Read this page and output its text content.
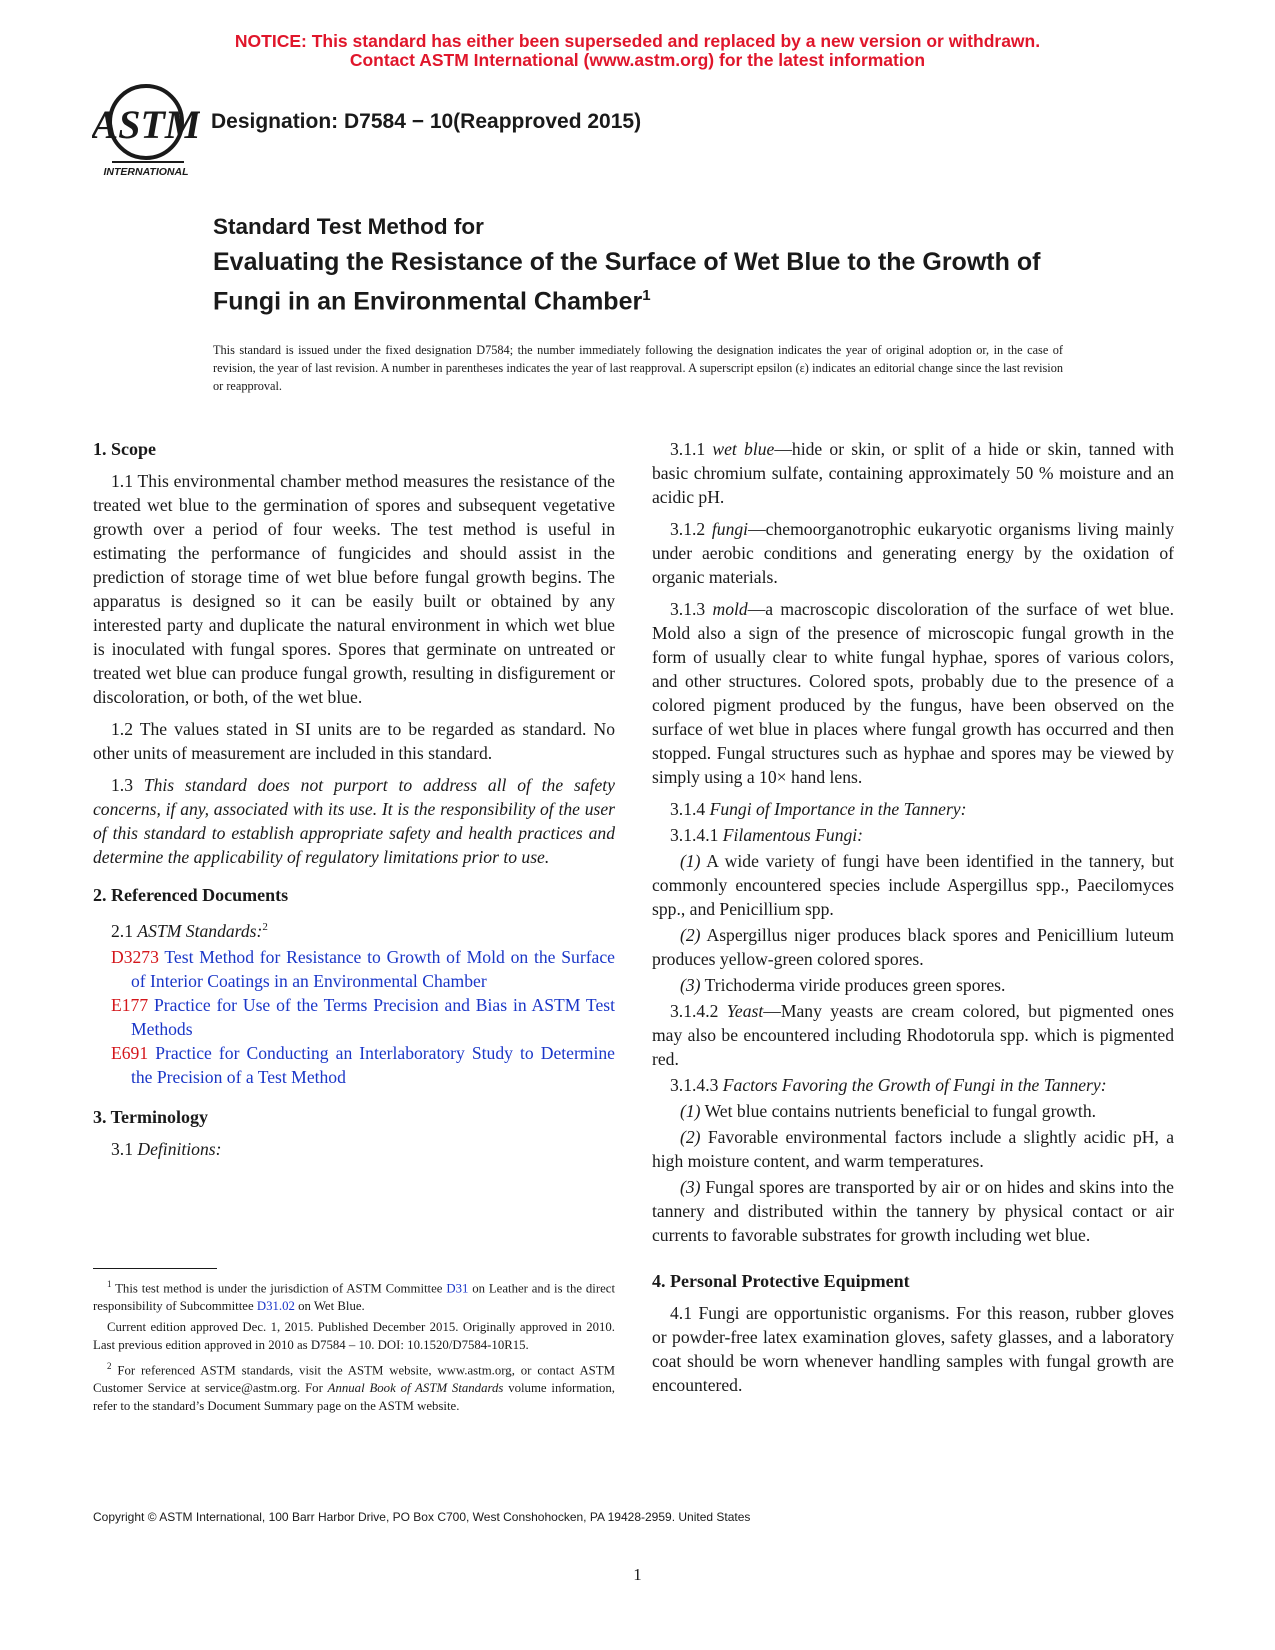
NOTICE: This standard has either been superseded and replaced by a new version or withdrawn.
Contact ASTM International (www.astm.org) for the latest information
ASTM
INTERNATIONAL
Designation: D7584 − 10(Reapproved 2015)
Standard Test Method for
Evaluating the Resistance of the Surface of Wet Blue to the Growth of Fungi in an Environmental Chamber$^1$
This standard is issued under the fixed designation D7584; the number immediately following the designation indicates the year of original adoption or, in the case of revision, the year of last revision. A number in parentheses indicates the year of last reapproval. A superscript epsilon (ε) indicates an editorial change since the last revision or reapproval.
1. Scope

1.1 This environmental chamber method measures the resistance of the treated wet blue to the germination of spores and subsequent vegetative growth over a period of four weeks. The test method is useful in estimating the performance of fungicides and should assist in the prediction of storage time of wet blue before fungal growth begins. The apparatus is designed so it can be easily built or obtained by any interested party and duplicate the natural environment in which wet blue is inoculated with fungal spores. Spores that germinate on untreated or treated wet blue can produce fungal growth, resulting in disfigurement or discoloration, or both, of the wet blue.

1.2 The values stated in SI units are to be regarded as standard. No other units of measurement are included in this standard.

1.3 This standard does not purport to address all of the safety concerns, if any, associated with its use. It is the responsibility of the user of this standard to establish appropriate safety and health practices and determine the applicability of regulatory limitations prior to use.

2. Referenced Documents

2.1 ASTM Standards:$^2$

D3273 Test Method for Resistance to Growth of Mold on the Surface of Interior Coatings in an Environmental Chamber

E177 Practice for Use of the Terms Precision and Bias in ASTM Test Methods

E691 Practice for Conducting an Interlaboratory Study to Determine the Precision of a Test Method

3. Terminology

3.1 Definitions:

$^1$ This test method is under the jurisdiction of ASTM Committee D31 on Leather and is the direct responsibility of Subcommittee D31.02 on Wet Blue.

Current edition approved Dec. 1, 2015. Published December 2015. Originally approved in 2010. Last previous edition approved in 2010 as D7584 – 10. DOI: 10.1520/D7584-10R15.

$^2$ For referenced ASTM standards, visit the ASTM website, www.astm.org, or contact ASTM Customer Service at service@astm.org. For Annual Book of ASTM Standards volume information, refer to the standard’s Document Summary page on the ASTM website.

3.1.1 wet blue—hide or skin, or split of a hide or skin, tanned with basic chromium sulfate, containing approximately 50 % moisture and an acidic pH.

3.1.2 fungi—chemoorganotrophic eukaryotic organisms living mainly under aerobic conditions and generating energy by the oxidation of organic materials.

3.1.3 mold—a macroscopic discoloration of the surface of wet blue. Mold also a sign of the presence of microscopic fungal growth in the form of usually clear to white fungal hyphae, spores of various colors, and other structures. Colored spots, probably due to the presence of a colored pigment produced by the fungus, have been observed on the surface of wet blue in places where fungal growth has occurred and then stopped. Fungal structures such as hyphae and spores may be viewed by simply using a 10× hand lens.

3.1.4 Fungi of Importance in the Tannery:

3.1.4.1 Filamentous Fungi:

(1) A wide variety of fungi have been identified in the tannery, but commonly encountered species include Aspergillus spp., Paecilomyces spp., and Penicillium spp.

(2) Aspergillus niger produces black spores and Penicillium luteum produces yellow-green colored spores.

(3) Trichoderma viride produces green spores.

3.1.4.2 Yeast—Many yeasts are cream colored, but pigmented ones may also be encountered including Rhodotorula spp. which is pigmented red.

3.1.4.3 Factors Favoring the Growth of Fungi in the Tannery:

(1) Wet blue contains nutrients beneficial to fungal growth.

(2) Favorable environmental factors include a slightly acidic pH, a high moisture content, and warm temperatures.

(3) Fungal spores are transported by air or on hides and skins into the tannery and distributed within the tannery by physical contact or air currents to favorable substrates for growth including wet blue.

4. Personal Protective Equipment

4.1 Fungi are opportunistic organisms. For this reason, rubber gloves or powder-free latex examination gloves, safety glasses, and a laboratory coat should be worn whenever handling samples with fungal growth are encountered.

Copyright © ASTM International, 100 Barr Harbor Drive, PO Box C700, West Conshohocken, PA 19428-2959. United States
1
